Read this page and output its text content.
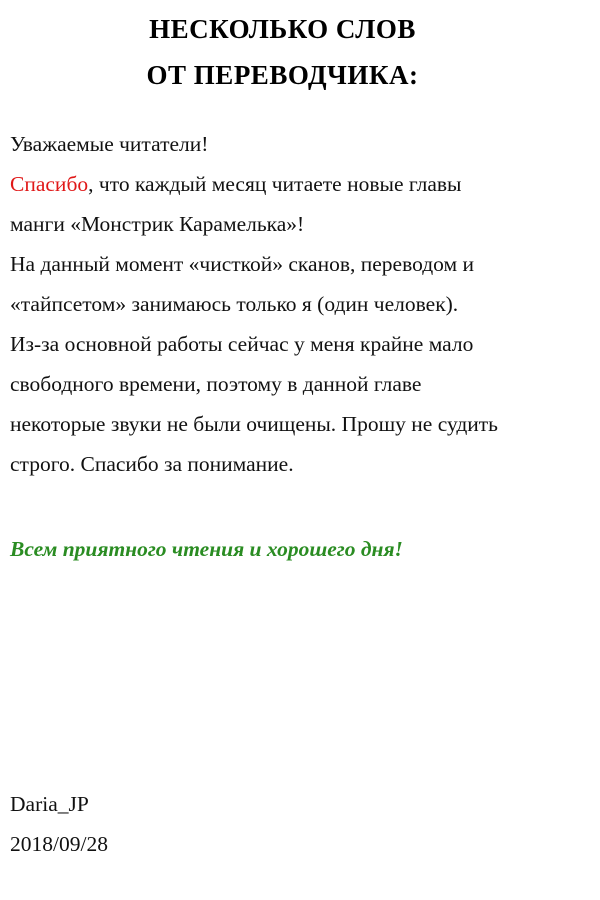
НЕСКОЛЬКО СЛОВ
ОТ ПЕРЕВОДЧИКА:
Уважаемые читатели!
Спасибо, что каждый месяц читаете новые главы
манги «Монстрик Карамелька»!
На данный момент «чисткой» сканов, переводом и
«тайпсетом» занимаюсь только я (один человек).
Из-за основной работы сейчас у меня крайне мало
свободного времени, поэтому в данной главе
некоторые звуки не были очищены. Прошу не судить
строго. Спасибо за понимание.

Всем приятного чтения и хорошего дня!

Daria_JP

2018/09/28
